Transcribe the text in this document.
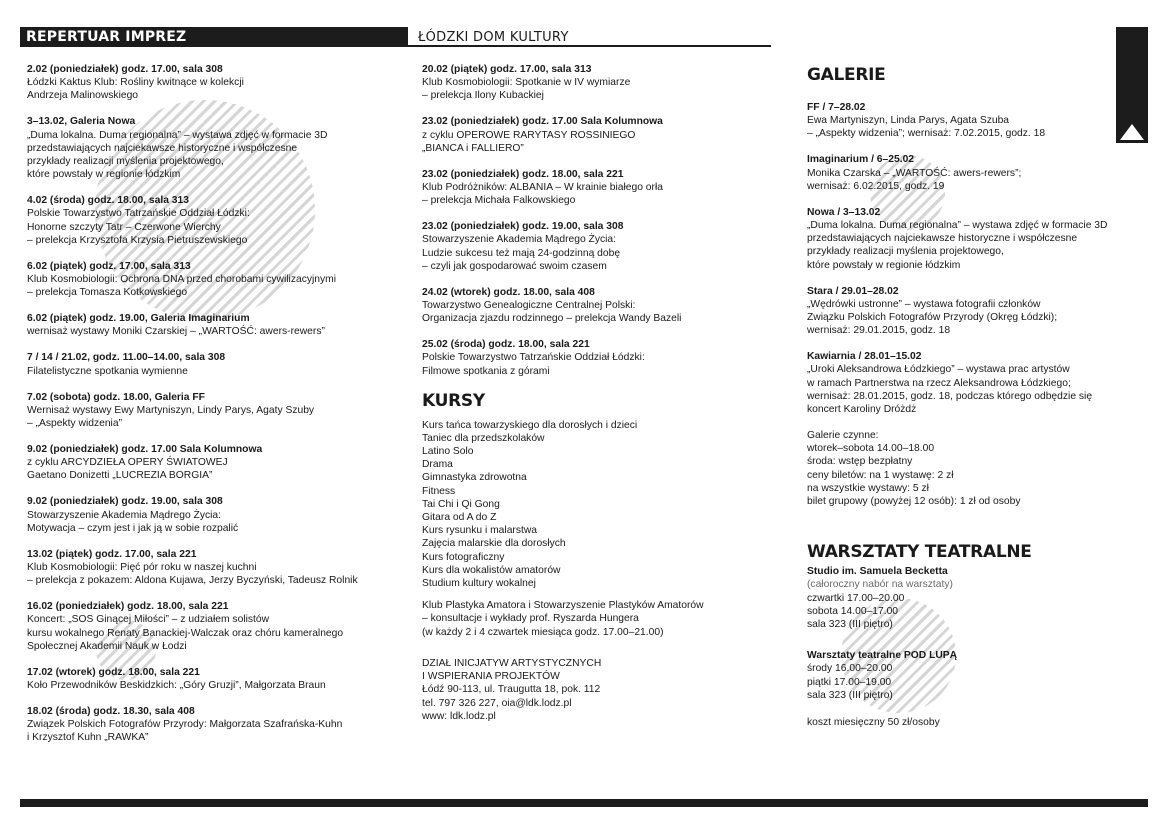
REPERTUAR IMPREZ	ŁÓDZKI DOM KULTURY
2.02 (poniedziałek) godz. 17.00, sala 308
Łódzki Kaktus Klub: Rośliny kwitnące w kolekcji
Andrzeja Malinowskiego
3–13.02, Galeria Nowa
„Duma lokalna. Duma regionalna” – wystawa zdjęć w formacie 3D
przedstawiających najciekawsze historyczne i współczesne
przykłady realizacji myślenia projektowego,
które powstały w regionie łódzkim
4.02 (środa) godz. 18.00, sala 313
Polskie Towarzystwo Tatrzańskie Oddział Łódzki:
Honorne szczyty Tatr – Czerwone Wierchy
– prelekcja Krzysztofa Krzysia Pietruszewskiego
6.02 (piątek) godz. 17.00, sala 313
Klub Kosmobiologii: Ochrona DNA przed chorobami cywilizacyjnymi
– prelekcja Tomasza Kotkowskiego
6.02 (piątek) godz. 19.00, Galeria Imaginarium
wernisaż wystawy Moniki Czarskiej – „WARTOŚĆ: awers-rewers”
7 / 14 / 21.02, godz. 11.00–14.00, sala 308
Filatelistyczne spotkania wymienne
7.02 (sobota) godz. 18.00, Galeria FF
Wernisaż wystawy Ewy Martyniszyn, Lindy Parys, Agaty Szuby
– „Aspekty widzenia”
9.02 (poniedziałek) godz. 17.00 Sala Kolumnowa
z cyklu ARCYDZIEŁA OPERY ŚWIATOWEJ
Gaetano Donizetti „LUCREZIA BORGIA”
9.02 (poniedziałek) godz. 19.00, sala 308
Stowarzyszenie Akademia Mądrego Życia:
Motywacja – czym jest i jak ją w sobie rozpalić
13.02 (piątek) godz. 17.00, sala 221
Klub Kosmobiologii: Pięć pór roku w naszej kuchni
– prelekcja z pokazem: Aldona Kujawa, Jerzy Byczyński, Tadeusz Rolnik
16.02 (poniedziałek) godz. 18.00, sala 221
Koncert: „SOS Ginącej Miłości” – z udziałem solistów
kursu wokalnego Renaty Banackiej-Walczak oraz chóru kameralnego
Społecznej Akademii Nauk w Łodzi
17.02 (wtorek) godz. 18.00, sala 221
Koło Przewodników Beskidzkich: „Góry Gruzji”, Małgorzata Braun
18.02 (środa) godz. 18.30, sala 408
Związek Polskich Fotografów Przyrody: Małgorzata Szafrańska-Kuhn
i Krzysztof Kuhn „RAWKA”
20.02 (piątek) godz. 17.00, sala 313
Klub Kosmobiologii: Spotkanie w IV wymiarze
– prelekcja Ilony Kubackiej
23.02 (poniedziałek) godz. 17.00 Sala Kolumnowa
z cyklu OPEROWE RARYTASY ROSSINIEGO
„BIANCA i FALLIERO”
23.02 (poniedziałek) godz. 18.00, sala 221
Klub Podróżników: ALBANIA – W krainie białego orła
– prelekcja Michała Falkowskiego
23.02 (poniedziałek) godz. 19.00, sala 308
Stowarzyszenie Akademia Mądrego Życia:
Ludzie sukcesu też mają 24-godzinną dobę
– czyli jak gospodarować swoim czasem
24.02 (wtorek) godz. 18.00, sala 408
Towarzystwo Genealogiczne Centralnej Polski:
Organizacja zjazdu rodzinnego – prelekcja Wandy Bazeli
25.02 (środa) godz. 18.00, sala 221
Polskie Towarzystwo Tatrzańskie Oddział Łódzki:
Filmowe spotkania z górami
KURSY
Kurs tańca towarzyskiego dla dorosłych i dzieci
Taniec dla przedszkolaków
Latino Solo
Drama
Gimnastyka zdrowotna
Fitness
Tai Chi i Qi Gong
Gitara od A do Z
Kurs rysunku i malarstwa
Zajęcia malarskie dla dorosłych
Kurs fotograficzny
Kurs dla wokalistów amatorów
Studium kultury wokalnej
Klub Plastyka Amatora i Stowarzyszenie Plastyków Amatorów
– konsultacje i wykłady prof. Ryszarda Hungera
(w każdy 2 i 4 czwartek miesiąca godz. 17.00–21.00)
DZIAŁ INICJATYW ARTYSTYCZNYCH
I WSPIERANIA PROJEKTÓW
Łódź 90-113, ul. Traugutta 18, pok. 112
tel. 797 326 227, oia@ldk.lodz.pl
www: ldk.lodz.pl
GALERIE
FF / 7–28.02
Ewa Martyniszyn, Linda Parys, Agata Szuba
– „Aspekty widzenia”; wernisaż: 7.02.2015, godz. 18
Imaginarium / 6–25.02
Monika Czarska – „WARTOŚĆ: awers-rewers”;
wernisaż: 6.02.2015, godz. 19
Nowa / 3–13.02
„Duma lokalna. Duma regionalna” – wystawa zdjęć w formacie 3D
przedstawiających najciekawsze historyczne i współczesne
przykłady realizacji myślenia projektowego,
które powstały w regionie łódzkim
Stara / 29.01–28.02
„Wędrówki ustronne” – wystawa fotografii członków
Związku Polskich Fotografów Przyrody (Okręg Łódzki);
wernisaż: 29.01.2015, godz. 18
Kawiarnia / 28.01–15.02
„Uroki Aleksandrowa Łódzkiego” – wystawa prac artystów
w ramach Partnerstwa na rzecz Aleksandrowa Łódzkiego;
wernisaż: 28.01.2015, godz. 18, podczas którego odbędzie się
koncert Karoliny Dróżdż
Galerie czynne:
wtorek–sobota 14.00–18.00
środa: wstęp bezpłatny
ceny biletów: na 1 wystawę: 2 zł
na wszystkie wystawy: 5 zł
bilet grupowy (powyżej 12 osób): 1 zł od osoby
WARSZTATY TEATRALNE
Studio im. Samuela Becketta
(całoroczny nabór na warsztaty)
czwartki 17.00–20.00
sobota 14.00–17.00
sala 323 (III piętro)
Warsztaty teatralne POD LUPĄ
środy 16.00–20.00
piątki 17.00–19.00
sala 323 (III piętro)
koszt miesięczny 50 zł/osoby
